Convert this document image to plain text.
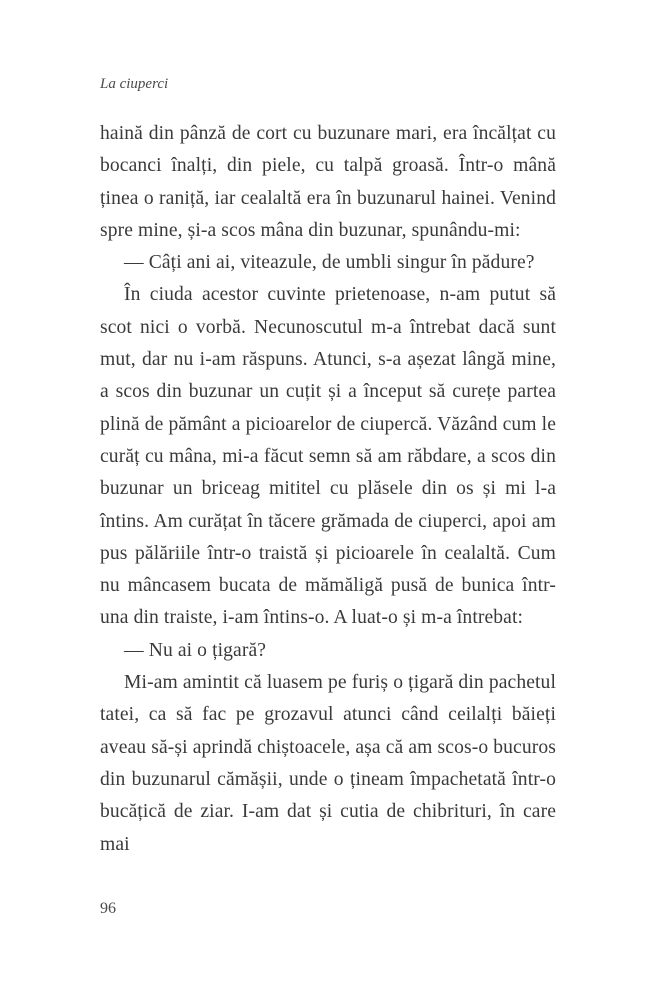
La ciuperci

haină din pânză de cort cu buzunare mari, era încălțat cu bocanci înalți, din piele, cu talpă groasă. Într-o mână ținea o raniță, iar cealaltă era în buzunarul hainei. Venind spre mine, și-a scos mâna din buzunar, spunându-mi:

— Câți ani ai, viteazule, de umbli singur în pădure?

În ciuda acestor cuvinte prietenoase, n-am putut să scot nici o vorbă. Necunoscutul m-a întrebat dacă sunt mut, dar nu i-am răspuns. Atunci, s-a așezat lângă mine, a scos din buzunar un cuțit și a început să curețe partea plină de pământ a picioarelor de ciupercă. Văzând cum le curăț cu mâna, mi-a făcut semn să am răbdare, a scos din buzunar un briceag mititel cu plăsele din os și mi l-a întins. Am curățat în tăcere grămada de ciuperci, apoi am pus pălăriile într-o traistă și picioarele în cealaltă. Cum nu mâncasem bucata de mămăligă pusă de bunica într-una din traiste, i-am întins-o. A luat-o și m-a întrebat:

— Nu ai o țigară?

Mi-am amintit că luasem pe furiș o țigară din pachetul tatei, ca să fac pe grozavul atunci când ceilalți băieți aveau să-și aprindă chiștoacele, așa că am scos-o bucuros din buzunarul cămășii, unde o țineam împachetată într-o bucățică de ziar. I-am dat și cutia de chibrituri, în care mai

96
